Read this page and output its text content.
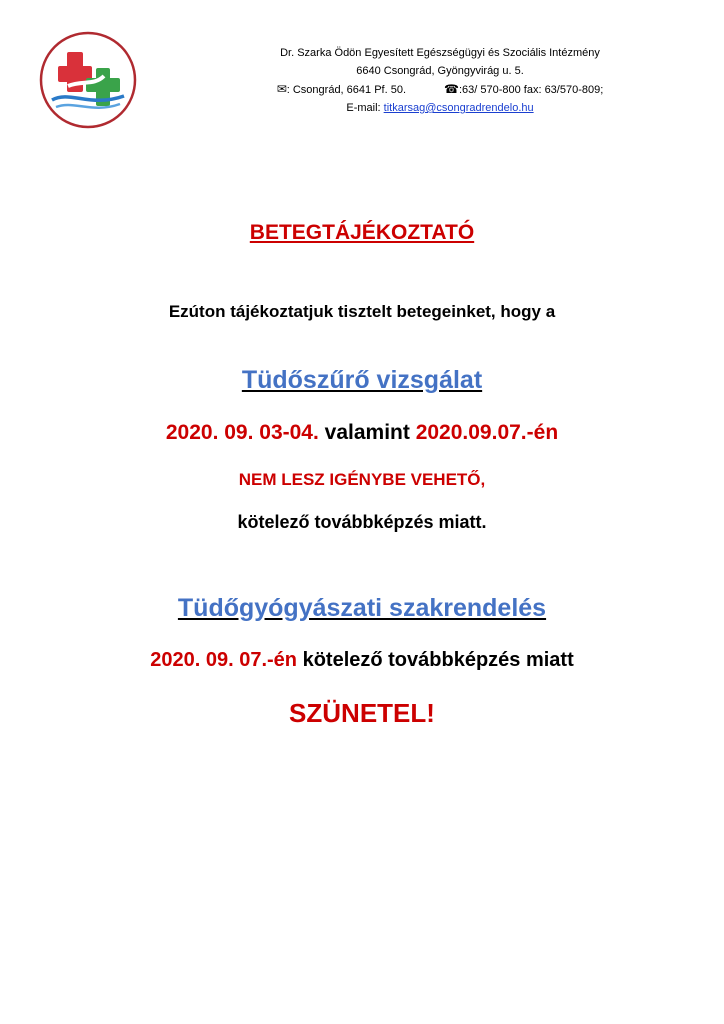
Dr. Szarka Ödön Egyesített Egészségügyi és Szociális Intézmény
6640 Csongrád, Gyöngyvirág u. 5.
✉: Csongrád, 6641 Pf. 50.	☎:63/ 570-800 fax: 63/570-809;
E-mail: titkarsag@csongradrendelo.hu
BETEGTÁJÉKOZTATÓ
Ezúton tájékoztatjuk tisztelt betegeinket, hogy a
Tüdőszűrő vizsgálat
2020. 09. 03-04. valamint 2020.09.07.-én
NEM LESZ IGÉNYBE VEHETŐ,
kötelező továbbképzés miatt.
Tüdőgyógyászati szakrendelés
2020. 09. 07.-én kötelező továbbképzés miatt
SZÜNETEL!
